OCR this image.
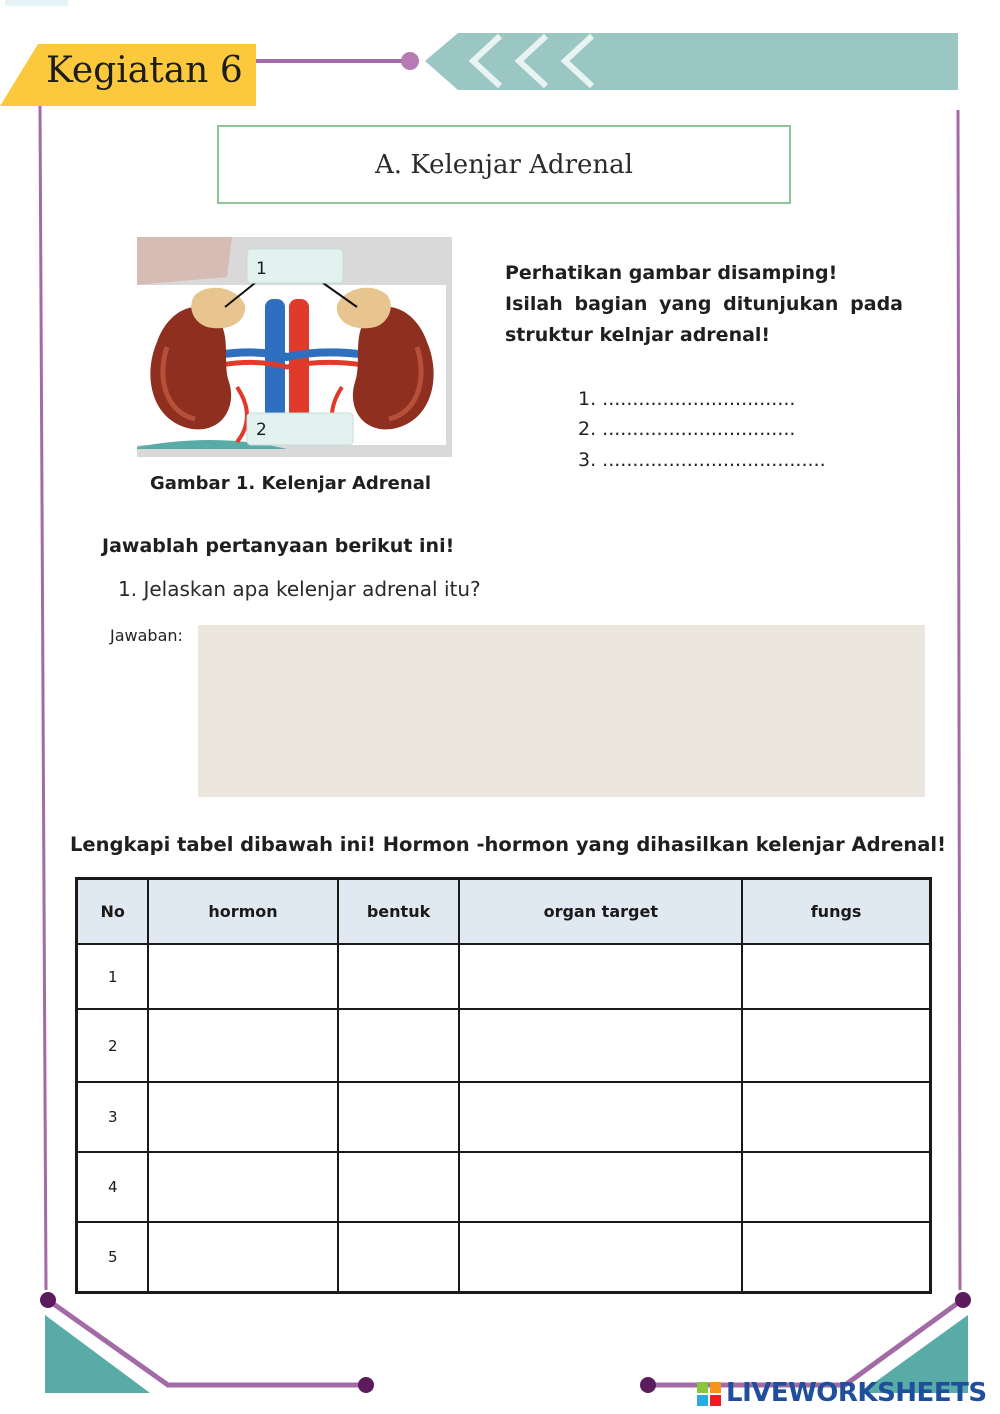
Kegiatan 6
A. Kelenjar Adrenal
1
2
Gambar 1. Kelenjar Adrenal
Perhatikan gambar disamping!
Isilah bagian yang ditunjukan pada struktur kelnjar adrenal!
1. ................................
2. ................................
3. .....................................
Jawablah pertanyaan berikut ini!
1. Jelaskan apa kelenjar adrenal itu?
Jawaban:
Lengkapi tabel dibawah ini! Hormon -hormon yang dihasilkan kelenjar Adrenal!
No	hormon	bentuk	organ target	fungs
1				
2				
3				
4				
5				
LIVEWORKSHEETS
